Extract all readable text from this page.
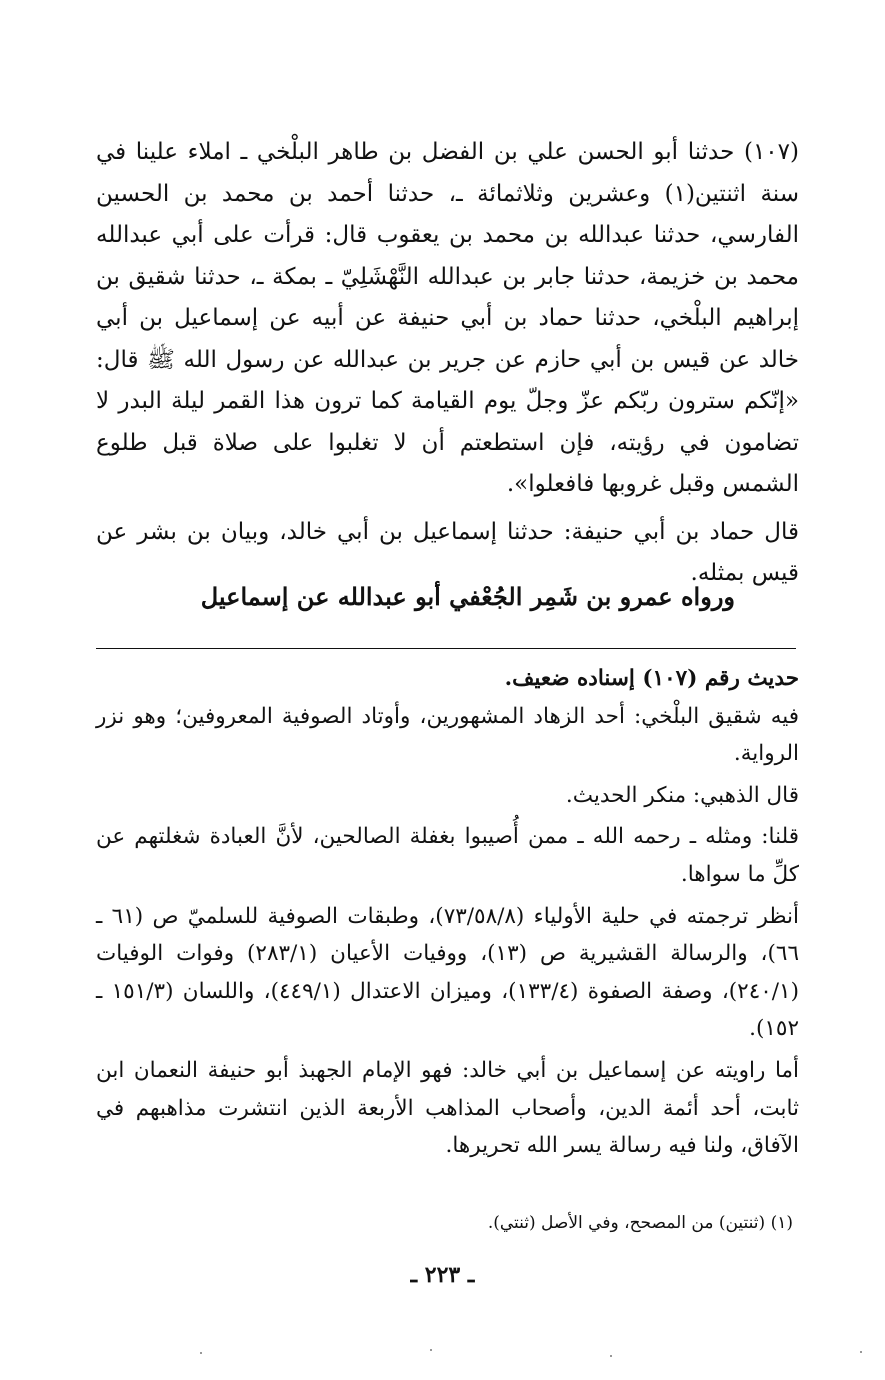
(١٠٧) حدثنا أبو الحسن علي بن الفضل بن طاهر البلْخي ـ املاء علينا في سنة اثنتين(١) وعشرين وثلاثمائة ـ، حدثنا أحمد بن محمد بن الحسين الفارسي، حدثنا عبدالله بن محمد بن يعقوب قال: قرأت على أبي عبدالله محمد بن خزيمة، حدثنا جابر بن عبدالله النَّهْشَلِيّ ـ بمكة ـ، حدثنا شقيق بن إبراهيم البلْخي، حدثنا حماد بن أبي حنيفة عن أبيه عن إسماعيل بن أبي خالد عن قيس بن أبي حازم عن جرير بن عبدالله عن رسول الله ﷺ قال: «إنّكم سترون ربّكم عزّ وجلّ يوم القيامة كما ترون هذا القمر ليلة البدر لا تضامون في رؤيته، فإن استطعتم أن لا تغلبوا على صلاة قبل طلوع الشمس وقبل غروبها فافعلوا».

قال حماد بن أبي حنيفة: حدثنا إسماعيل بن أبي خالد، وبيان بن بشر عن قيس بمثله.

ورواه عمرو بن شَمِر الجُعْفي أبو عبدالله عن إسماعيل

حديث رقم (١٠٧) إسناده ضعيف.

فيه شقيق البلْخي: أحد الزهاد المشهورين، وأوتاد الصوفية المعروفين؛ وهو نزر الرواية.

قال الذهبي: منكر الحديث.

قلنا: ومثله ـ رحمه الله ـ ممن أُصيبوا بغفلة الصالحين، لأنَّ العبادة شغلتهم عن كلِّ ما سواها.

أنظر ترجمته في حلية الأولياء (٧٣/٥٨/٨)، وطبقات الصوفية للسلميّ ص (٦١ ـ ٦٦)، والرسالة القشيرية ص (١٣)، ووفيات الأعيان (٢٨٣/١) وفوات الوفيات (٢٤٠/١)، وصفة الصفوة (١٣٣/٤)، وميزان الاعتدال (٤٤٩/١)، واللسان (١٥١/٣ ـ ١٥٢).

أما راويته عن إسماعيل بن أبي خالد: فهو الإمام الجهبذ أبو حنيفة النعمان ابن ثابت، أحد أئمة الدين، وأصحاب المذاهب الأربعة الذين انتشرت مذاهبهم في الآفاق، ولنا فيه رسالة يسر الله تحريرها.

(١) (ثنتين) من المصحح، وفي الأصل (ثنتي).
ـ ٢٢٣ ـ
